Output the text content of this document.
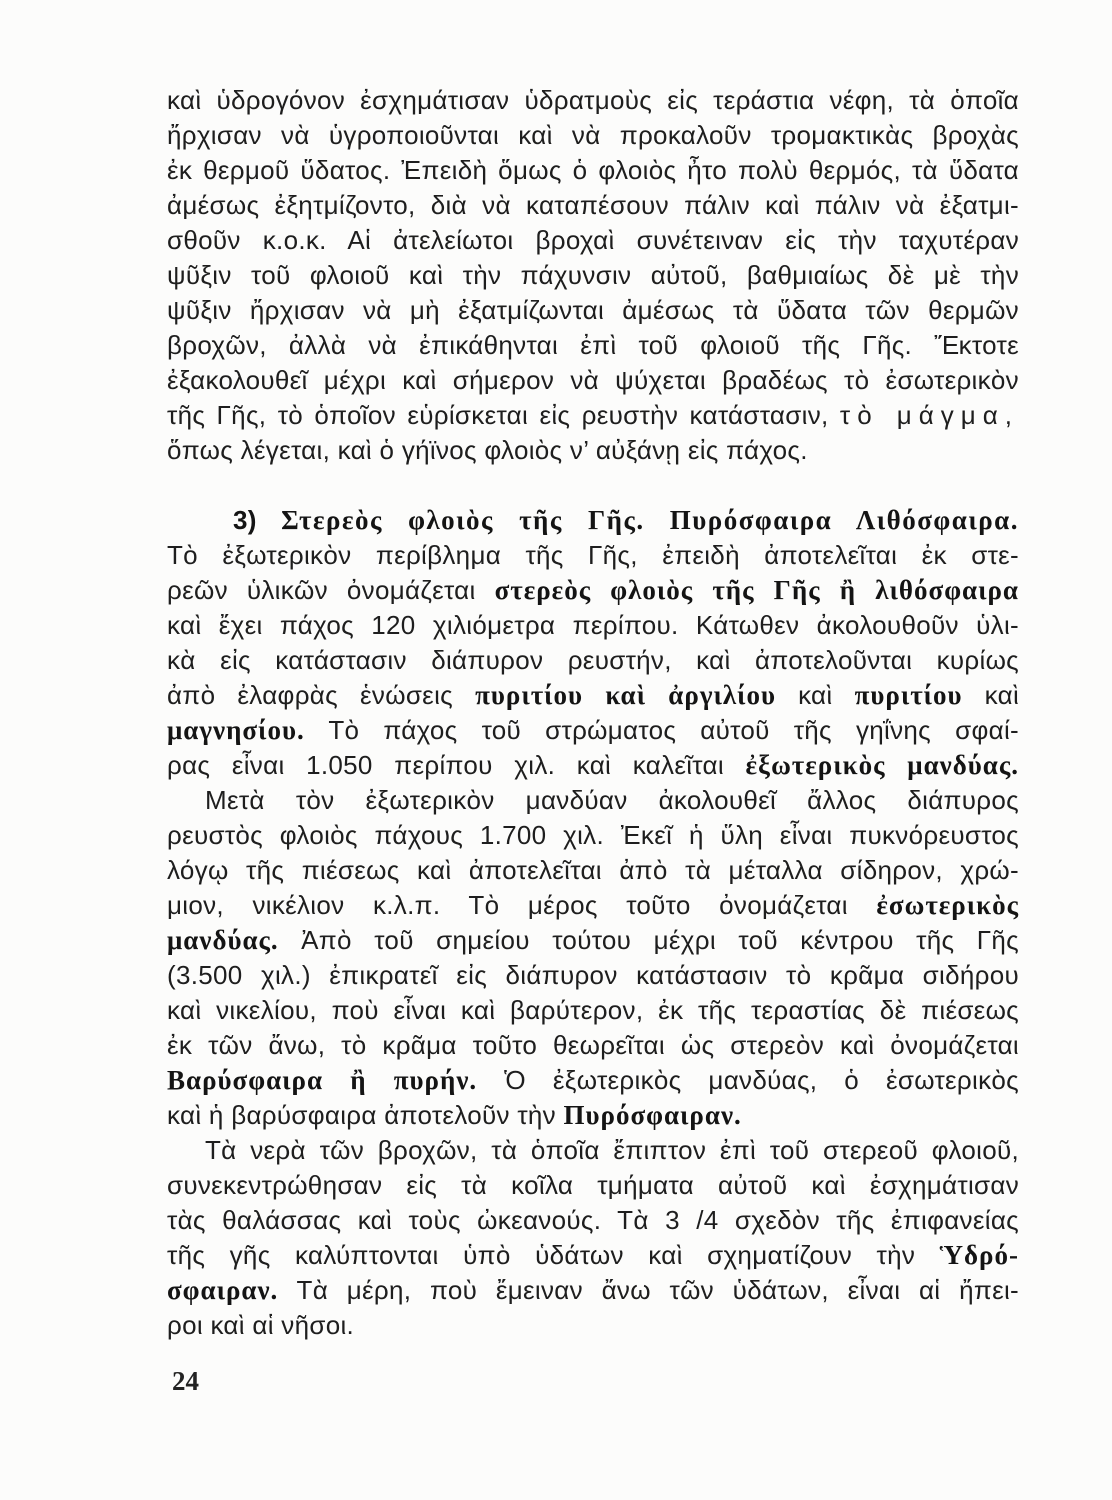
καὶ ὑδρογόνον ἐσχημάτισαν ὑδρατμοὺς εἰς τεράστια νέφη, τὰ ὁποῖα
ἤρχισαν νὰ ὑγροποιοῦνται καὶ νὰ προκαλοῦν τρομακτικὰς βροχὰς
ἐκ θερμοῦ ὕδατος. Ἐπειδὴ ὅμως ὁ φλοιὸς ἦτο πολὺ θερμός, τὰ ὕδατα
ἀμέσως ἐξητμίζοντο, διὰ νὰ καταπέσουν πάλιν καὶ πάλιν νὰ ἐξατμι-
σθοῦν κ.ο.κ. Αἱ ἀτελείωτοι βροχαὶ συνέτειναν εἰς τὴν ταχυτέραν
ψῦξιν τοῦ φλοιοῦ καὶ τὴν πάχυνσιν αὐτοῦ, βαθμιαίως δὲ μὲ τὴν
ψῦξιν ἤρχισαν νὰ μὴ ἐξατμίζωνται ἀμέσως τὰ ὕδατα τῶν θερμῶν
βροχῶν, ἀλλὰ νὰ ἐπικάθηνται ἐπὶ τοῦ φλοιοῦ τῆς Γῆς. Ἔκτοτε
ἐξακολουθεῖ μέχρι καὶ σήμερον νὰ ψύχεται βραδέως τὸ ἐσωτερικὸν
τῆς Γῆς, τὸ ὁποῖον εὑρίσκεται εἰς ρευστὴν κατάστασιν, τὸ μάγμα,
ὅπως λέγεται, καὶ ὁ γήϊνος φλοιὸς ν’ αὐξάνῃ εἰς πάχος.
3) Στερεὸς φλοιὸς τῆς Γῆς. Πυρόσφαιρα Λιθόσφαιρα.
Τὸ ἐξωτερικὸν περίβλημα τῆς Γῆς, ἐπειδὴ ἀποτελεῖται ἐκ στε-
ρεῶν ὑλικῶν ὀνομάζεται στερεὸς φλοιὸς τῆς Γῆς ἢ λιθόσφαιρα
καὶ ἔχει πάχος 120 χιλιόμετρα περίπου. Κάτωθεν ἀκολουθοῦν ὑλι-
κὰ εἰς κατάστασιν διάπυρον ρευστήν, καὶ ἀποτελοῦνται κυρίως
ἀπὸ ἐλαφρὰς ἑνώσεις πυριτίου καὶ ἀργιλίου καὶ πυριτίου καὶ
μαγνησίου. Τὸ πάχος τοῦ στρώματος αὐτοῦ τῆς γηΐνης σφαί-
ρας εἶναι 1.050 περίπου χιλ. καὶ καλεῖται ἐξωτερικὸς μανδύας.
Μετὰ τὸν ἐξωτερικὸν μανδύαν ἀκολουθεῖ ἄλλος διάπυρος
ρευστὸς φλοιὸς πάχους 1.700 χιλ. Ἐκεῖ ἡ ὕλη εἶναι πυκνόρευστος
λόγῳ τῆς πιέσεως καὶ ἀποτελεῖται ἀπὸ τὰ μέταλλα σίδηρον, χρώ-
μιον, νικέλιον κ.λ.π. Τὸ μέρος τοῦτο ὀνομάζεται ἐσωτερικὸς
μανδύας. Ἀπὸ τοῦ σημείου τούτου μέχρι τοῦ κέντρου τῆς Γῆς
(3.500 χιλ.) ἐπικρατεῖ εἰς διάπυρον κατάστασιν τὸ κρᾶμα σιδήρου
καὶ νικελίου, ποὺ εἶναι καὶ βαρύτερον, ἐκ τῆς τεραστίας δὲ πιέσεως
ἐκ τῶν ἄνω, τὸ κρᾶμα τοῦτο θεωρεῖται ὡς στερεὸν καὶ ὀνομάζεται
Βαρύσφαιρα ἢ πυρήν. Ὁ ἐξωτερικὸς μανδύας, ὁ ἐσωτερικὸς
καὶ ἡ βαρύσφαιρα ἀποτελοῦν τὴν Πυρόσφαιραν.
Τὰ νερὰ τῶν βροχῶν, τὰ ὁποῖα ἔπιπτον ἐπὶ τοῦ στερεοῦ φλοιοῦ,
συνεκεντρώθησαν εἰς τὰ κοῖλα τμήματα αὐτοῦ καὶ ἐσχημάτισαν
τὰς θαλάσσας καὶ τοὺς ὠκεανούς. Τὰ 3 /4 σχεδὸν τῆς ἐπιφανείας
τῆς γῆς καλύπτονται ὑπὸ ὑδάτων καὶ σχηματίζουν τὴν Ὑδρό-
σφαιραν. Τὰ μέρη, ποὺ ἔμειναν ἄνω τῶν ὑδάτων, εἶναι αἱ ἤπει-
ροι καὶ αἱ νῆσοι.
24
